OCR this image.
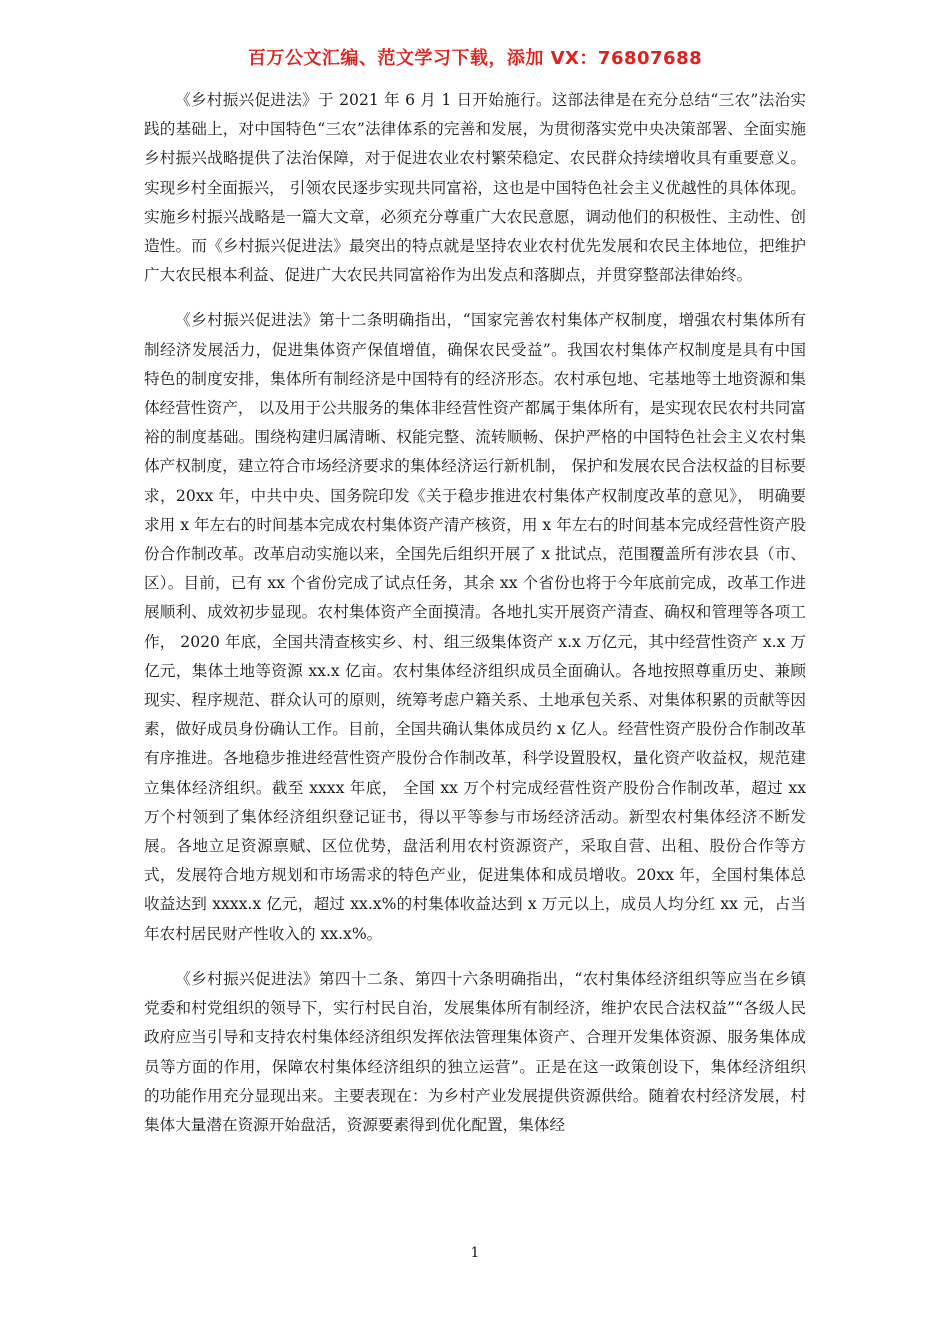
百万公文汇编、范文学习下载，添加 VX：76807688

《乡村振兴促进法》于 2021 年 6 月 1 日开始施行。这部法律是在充分总结“三农”法治实践的基础上，对中国特色“三农”法律体系的完善和发展，为贯彻落实党中央决策部署、全面实施乡村振兴战略提供了法治保障，对于促进农业农村繁荣稳定、农民群众持续增收具有重要意义。实现乡村全面振兴， 引领农民逐步实现共同富裕，这也是中国特色社会主义优越性的具体体现。实施乡村振兴战略是一篇大文章，必须充分尊重广大农民意愿，调动他们的积极性、主动性、创造性。而《乡村振兴促进法》最突出的特点就是坚持农业农村优先发展和农民主体地位，把维护广大农民根本利益、促进广大农民共同富裕作为出发点和落脚点，并贯穿整部法律始终。

《乡村振兴促进法》第十二条明确指出，“国家完善农村集体产权制度，增强农村集体所有制经济发展活力，促进集体资产保值增值，确保农民受益”。我国农村集体产权制度是具有中国特色的制度安排，集体所有制经济是中国特有的经济形态。农村承包地、宅基地等土地资源和集体经营性资产， 以及用于公共服务的集体非经营性资产都属于集体所有，是实现农民农村共同富裕的制度基础。围绕构建归属清晰、权能完整、流转顺畅、保护严格的中国特色社会主义农村集体产权制度，建立符合市场经济要求的集体经济运行新机制， 保护和发展农民合法权益的目标要求，20xx 年，中共中央、国务院印发《关于稳步推进农村集体产权制度改革的意见》， 明确要求用 x 年左右的时间基本完成农村集体资产清产核资，用 x 年左右的时间基本完成经营性资产股份合作制改革。改革启动实施以来，全国先后组织开展了 x 批试点，范围覆盖所有涉农县（市、区）。目前，已有 xx 个省份完成了试点任务，其余 xx 个省份也将于今年底前完成，改革工作进展顺利、成效初步显现。农村集体资产全面摸清。各地扎实开展资产清查、确权和管理等各项工作， 2020 年底，全国共清查核实乡、村、组三级集体资产 x.x 万亿元，其中经营性资产 x.x 万亿元，集体土地等资源 xx.x 亿亩。农村集体经济组织成员全面确认。各地按照尊重历史、兼顾现实、程序规范、群众认可的原则，统筹考虑户籍关系、土地承包关系、对集体积累的贡献等因素，做好成员身份确认工作。目前，全国共确认集体成员约 x 亿人。经营性资产股份合作制改革有序推进。各地稳步推进经营性资产股份合作制改革，科学设置股权，量化资产收益权，规范建立集体经济组织。截至 xxxx 年底， 全国 xx 万个村完成经营性资产股份合作制改革，超过 xx 万个村领到了集体经济组织登记证书，得以平等参与市场经济活动。新型农村集体经济不断发展。各地立足资源禀赋、区位优势，盘活利用农村资源资产，采取自营、出租、股份合作等方式，发展符合地方规划和市场需求的特色产业，促进集体和成员增收。20xx 年，全国村集体总收益达到 xxxx.x 亿元，超过 xx.x%的村集体收益达到 x 万元以上，成员人均分红 xx 元，占当年农村居民财产性收入的 xx.x%。

《乡村振兴促进法》第四十二条、第四十六条明确指出，“农村集体经济组织等应当在乡镇党委和村党组织的领导下，实行村民自治，发展集体所有制经济，维护农民合法权益”“各级人民政府应当引导和支持农村集体经济组织发挥依法管理集体资产、合理开发集体资源、服务集体成员等方面的作用，保障农村集体经济组织的独立运营”。正是在这一政策创设下，集体经济组织的功能作用充分显现出来。主要表现在：为乡村产业发展提供资源供给。随着农村经济发展，村集体大量潜在资源开始盘活，资源要素得到优化配置，集体经

1
